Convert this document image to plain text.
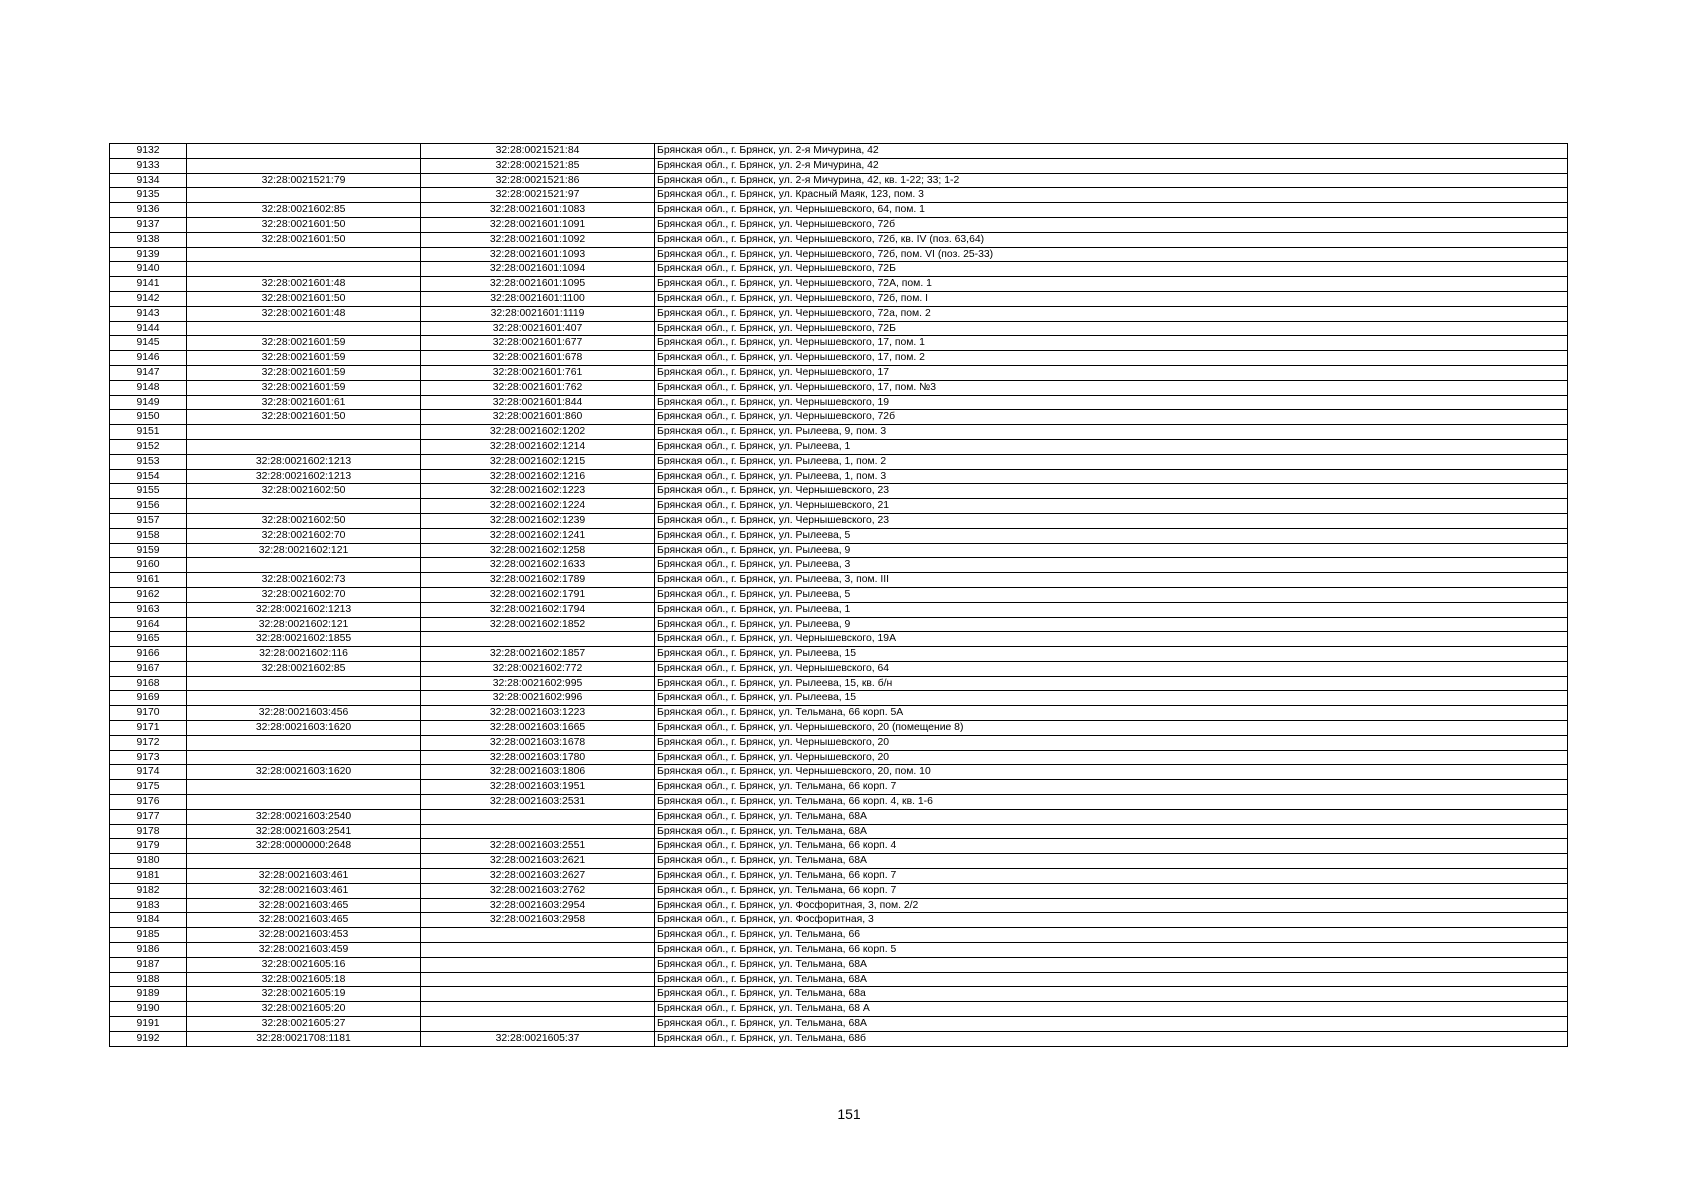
9132		32:28:0021521:84	Брянская обл., г. Брянск, ул. 2-я Мичурина, 42
9133		32:28:0021521:85	Брянская обл., г. Брянск, ул. 2-я Мичурина, 42
9134	32:28:0021521:79	32:28:0021521:86	Брянская обл., г. Брянск, ул. 2-я Мичурина, 42, кв. 1-22; 33; 1-2
9135		32:28:0021521:97	Брянская обл., г. Брянск, ул. Красный Маяк, 123, пом. 3
9136	32:28:0021602:85	32:28:0021601:1083	Брянская обл., г. Брянск, ул. Чернышевского, 64, пом. 1
9137	32:28:0021601:50	32:28:0021601:1091	Брянская обл., г. Брянск, ул. Чернышевского, 72б
9138	32:28:0021601:50	32:28:0021601:1092	Брянская обл., г. Брянск, ул. Чернышевского, 72б, кв. IV (поз. 63,64)
9139		32:28:0021601:1093	Брянская обл., г. Брянск, ул. Чернышевского, 72б, пом. VI (поз. 25-33)
9140		32:28:0021601:1094	Брянская обл., г. Брянск, ул. Чернышевского, 72Б
9141	32:28:0021601:48	32:28:0021601:1095	Брянская обл., г. Брянск, ул. Чернышевского, 72А, пом. 1
9142	32:28:0021601:50	32:28:0021601:1100	Брянская обл., г. Брянск, ул. Чернышевского, 72б, пом. I
9143	32:28:0021601:48	32:28:0021601:1119	Брянская обл., г. Брянск, ул. Чернышевского, 72а, пом. 2
9144		32:28:0021601:407	Брянская обл., г. Брянск, ул. Чернышевского, 72Б
9145	32:28:0021601:59	32:28:0021601:677	Брянская обл., г. Брянск, ул. Чернышевского, 17, пом. 1
9146	32:28:0021601:59	32:28:0021601:678	Брянская обл., г. Брянск, ул. Чернышевского, 17, пом. 2
9147	32:28:0021601:59	32:28:0021601:761	Брянская обл., г. Брянск, ул. Чернышевского, 17
9148	32:28:0021601:59	32:28:0021601:762	Брянская обл., г. Брянск, ул. Чернышевского, 17, пом. №3
9149	32:28:0021601:61	32:28:0021601:844	Брянская обл., г. Брянск, ул. Чернышевского, 19
9150	32:28:0021601:50	32:28:0021601:860	Брянская обл., г. Брянск, ул. Чернышевского, 72б
9151		32:28:0021602:1202	Брянская обл., г. Брянск, ул. Рылеева, 9, пом. 3
9152		32:28:0021602:1214	Брянская обл., г. Брянск, ул. Рылеева, 1
9153	32:28:0021602:1213	32:28:0021602:1215	Брянская обл., г. Брянск, ул. Рылеева, 1, пом. 2
9154	32:28:0021602:1213	32:28:0021602:1216	Брянская обл., г. Брянск, ул. Рылеева, 1, пом. 3
9155	32:28:0021602:50	32:28:0021602:1223	Брянская обл., г. Брянск, ул. Чернышевского, 23
9156		32:28:0021602:1224	Брянская обл., г. Брянск, ул. Чернышевского, 21
9157	32:28:0021602:50	32:28:0021602:1239	Брянская обл., г. Брянск, ул. Чернышевского, 23
9158	32:28:0021602:70	32:28:0021602:1241	Брянская обл., г. Брянск, ул. Рылеева, 5
9159	32:28:0021602:121	32:28:0021602:1258	Брянская обл., г. Брянск, ул. Рылеева, 9
9160		32:28:0021602:1633	Брянская обл., г. Брянск, ул. Рылеева, 3
9161	32:28:0021602:73	32:28:0021602:1789	Брянская обл., г. Брянск, ул. Рылеева, 3, пом. III
9162	32:28:0021602:70	32:28:0021602:1791	Брянская обл., г. Брянск, ул. Рылеева, 5
9163	32:28:0021602:1213	32:28:0021602:1794	Брянская обл., г. Брянск, ул. Рылеева, 1
9164	32:28:0021602:121	32:28:0021602:1852	Брянская обл., г. Брянск, ул. Рылеева, 9
9165	32:28:0021602:1855		Брянская обл., г. Брянск, ул. Чернышевского, 19А
9166	32:28:0021602:116	32:28:0021602:1857	Брянская обл., г. Брянск, ул. Рылеева, 15
9167	32:28:0021602:85	32:28:0021602:772	Брянская обл., г. Брянск, ул. Чернышевского, 64
9168		32:28:0021602:995	Брянская обл., г. Брянск, ул. Рылеева, 15, кв. б/н
9169		32:28:0021602:996	Брянская обл., г. Брянск, ул. Рылеева, 15
9170	32:28:0021603:456	32:28:0021603:1223	Брянская обл., г. Брянск, ул. Тельмана, 66 корп. 5А
9171	32:28:0021603:1620	32:28:0021603:1665	Брянская обл., г. Брянск, ул. Чернышевского, 20 (помещение 8)
9172		32:28:0021603:1678	Брянская обл., г. Брянск, ул. Чернышевского, 20
9173		32:28:0021603:1780	Брянская обл., г. Брянск, ул. Чернышевского, 20
9174	32:28:0021603:1620	32:28:0021603:1806	Брянская обл., г. Брянск, ул. Чернышевского, 20, пом. 10
9175		32:28:0021603:1951	Брянская обл., г. Брянск, ул. Тельмана, 66 корп. 7
9176		32:28:0021603:2531	Брянская обл., г. Брянск, ул. Тельмана, 66 корп. 4, кв. 1-6
9177	32:28:0021603:2540		Брянская обл., г. Брянск, ул. Тельмана, 68А
9178	32:28:0021603:2541		Брянская обл., г. Брянск, ул. Тельмана, 68А
9179	32:28:0000000:2648	32:28:0021603:2551	Брянская обл., г. Брянск, ул. Тельмана, 66 корп. 4
9180		32:28:0021603:2621	Брянская обл., г. Брянск, ул. Тельмана, 68А
9181	32:28:0021603:461	32:28:0021603:2627	Брянская обл., г. Брянск, ул. Тельмана, 66 корп. 7
9182	32:28:0021603:461	32:28:0021603:2762	Брянская обл., г. Брянск, ул. Тельмана, 66 корп. 7
9183	32:28:0021603:465	32:28:0021603:2954	Брянская обл., г. Брянск, ул. Фосфоритная, 3, пом. 2/2
9184	32:28:0021603:465	32:28:0021603:2958	Брянская обл., г. Брянск, ул. Фосфоритная, 3
9185	32:28:0021603:453		Брянская обл., г. Брянск, ул. Тельмана, 66
9186	32:28:0021603:459		Брянская обл., г. Брянск, ул. Тельмана, 66 корп. 5
9187	32:28:0021605:16		Брянская обл., г. Брянск, ул. Тельмана, 68А
9188	32:28:0021605:18		Брянская обл., г. Брянск, ул. Тельмана, 68А
9189	32:28:0021605:19		Брянская обл., г. Брянск, ул. Тельмана, 68а
9190	32:28:0021605:20		Брянская обл., г. Брянск, ул. Тельмана, 68 А
9191	32:28:0021605:27		Брянская обл., г. Брянск, ул. Тельмана, 68А
9192	32:28:0021708:1181	32:28:0021605:37	Брянская обл., г. Брянск, ул. Тельмана, 68б
151
